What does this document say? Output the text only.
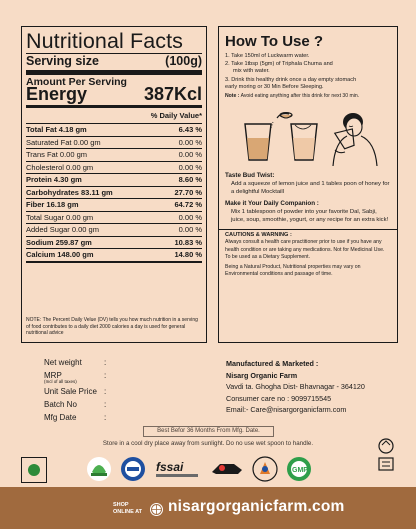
Nutritional Facts
Serving size	(100g)
Amount Per Serving
Energy	387Kcl
% Daily Value*
Total Fat 4.18 gm	6.43 %
Saturated Fat 0.00 gm	0.00 %
Trans Fat 0.00 gm	0.00 %
Cholesterol 0.00 gm	0.00 %
Protein 4.30 gm	8.60 %
Carbohydrates 83.11 gm	27.70 %
Fiber 16.18 gm	64.72 %
Total Sugar 0.00 gm	0.00 %
Added Sugar 0.00 gm	0.00 %
Sodium 259.87 gm	10.83 %
Calcium 148.00 gm	14.80 %
NOTE: The Percent Daily Velue (DV) tells you how much nutrition in a serving of food contributes to a daily diet 2000 calories a day is used for general nutritional advice
How To Use ?
1. Take 150ml of Luckwarm water.
2. Take 1tbsp (5gm) of Triphala Churna and
mix with water.
3. Drink this healthy drink once a day empty stomach
early moring or 30 Min Before Sleeping.
Note : Avoid eating anything after this drink for next 30 min.
Taste Bud Twist:
Add a squeeze of lemon juice and 1 tables poon of honey for a delightful Mocktaill
Make it Your Daily Companion :
Mix 1 tablespoon of powder into your favorite Dal, Sabji, juice, soup, smoothie, yogurt, or any recipe for an extra kick!
CAUTIONS & WARNING :
Always consult a health care practitioner prior to use if you have any health condition or are taking any medications. Not for Medicinal Use. To be used as a Dietary Supplement.
Being a Natural Product, Nutritional properties may vary on Environmental conditions and passage of time.
Net weight	:
MRP	:
(Incl of all taxes)
Unit Sale Price :
Batch No	:
Mfg Date	:
Manufactured & Marketed :
Nisarg Organic Farm
Vavdi ta. Ghogha Dist- Bhavnagar - 364120
Consumer care no : 9099715545
Email:- Care@nisargorganicfarm.com
Best Befor 36 Months From Mfg. Date.
Store in a cool dry place away from sunlight. Do no use wet spoon to handle.
fssai	GMP
SHOP
ONLINE AT nisargorganicfarm.com
